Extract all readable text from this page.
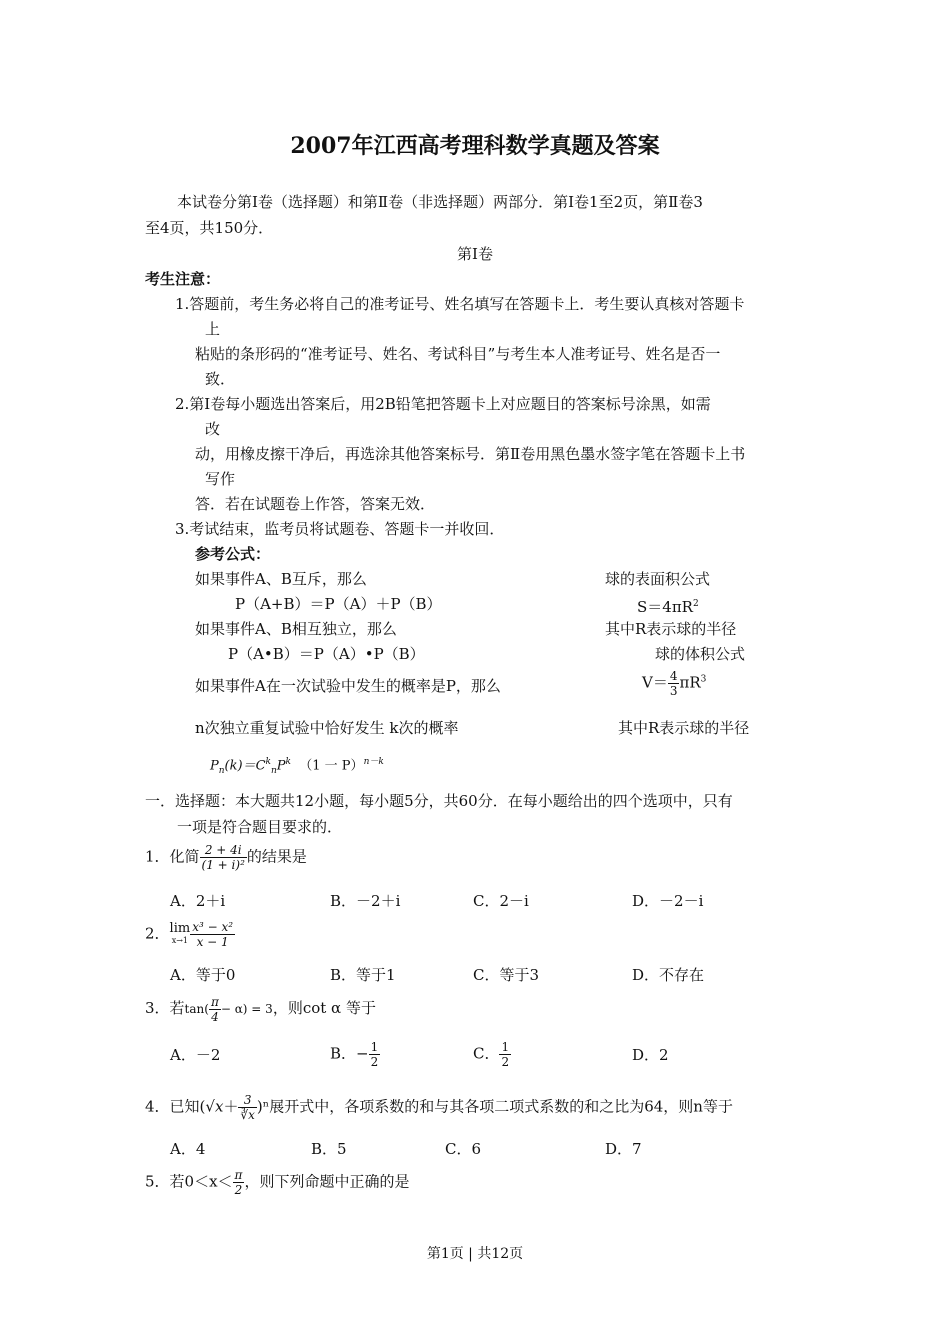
2007年江西高考理科数学真题及答案
本试卷分第Ⅰ卷（选择题）和第Ⅱ卷（非选择题）两部分．第Ⅰ卷1至2页，第Ⅱ卷3
至4页，共150分．
第Ⅰ卷
考生注意：
1.答题前，考生务必将自己的准考证号、姓名填写在答题卡上．考生要认真核对答题卡
上
粘贴的条形码的“准考证号、姓名、考试科目”与考生本人准考证号、姓名是否一
致．
2.第Ⅰ卷每小题选出答案后，用2B铅笔把答题卡上对应题目的答案标号涂黑，如需
改
动，用橡皮擦干净后，再选涂其他答案标号．第Ⅱ卷用黑色墨水签字笔在答题卡上书
写作
答．若在试题卷上作答，答案无效．
3.考试结束，监考员将试题卷、答题卡一并收回．
参考公式：
如果事件A、B互斥，那么
P（A+B）＝P（A）＋P（B）
如果事件A、B相互独立，那么
P（A•B）＝P（A）•P（B）
如果事件A在一次试验中发生的概率是P，那么
n次独立重复试验中恰好发生 k次的概率
$P_n(k)=C^k_nP^k$ （1 一 P）$^{n-k}$
球的表面积公式
$S=4\pi R^2$
其中R表示球的半径
球的体积公式
$V= \frac{4}{3} \pi R^3$
其中R表示球的半径
一．选择题：本大题共12小题，每小题5分，共60分．在每小题给出的四个选项中，只有
一项是符合题目要求的．
1．化简 $\frac{2 + 4i}{\text{(1 + i)²}}$ 的结果是
A．2＋i	B．－2＋i	C．2－i	D．－2－i
2． lim
$x\to 1 \frac{\text{x³ − x²}}{x - 1}$
A．等于0	B．等于1	C．等于3	D．不存在
3．若$\tan( \frac{\pi}{4} - \alpha) = 3$，则cot α 等于
A．－2	B．− $\frac{1}{2}$	C． $\frac{1}{2}$	D．2
4．已知$(√x+ \frac{3}{∛x} )^n$展开式中，各项系数的和与其各项二项式系数的和之比为64，则n等于
A．4	B．5	C．6	D．7
5．若$0<x< \frac{\pi}{2}$ ，则下列命题中正确的是
第1页 | 共12页
